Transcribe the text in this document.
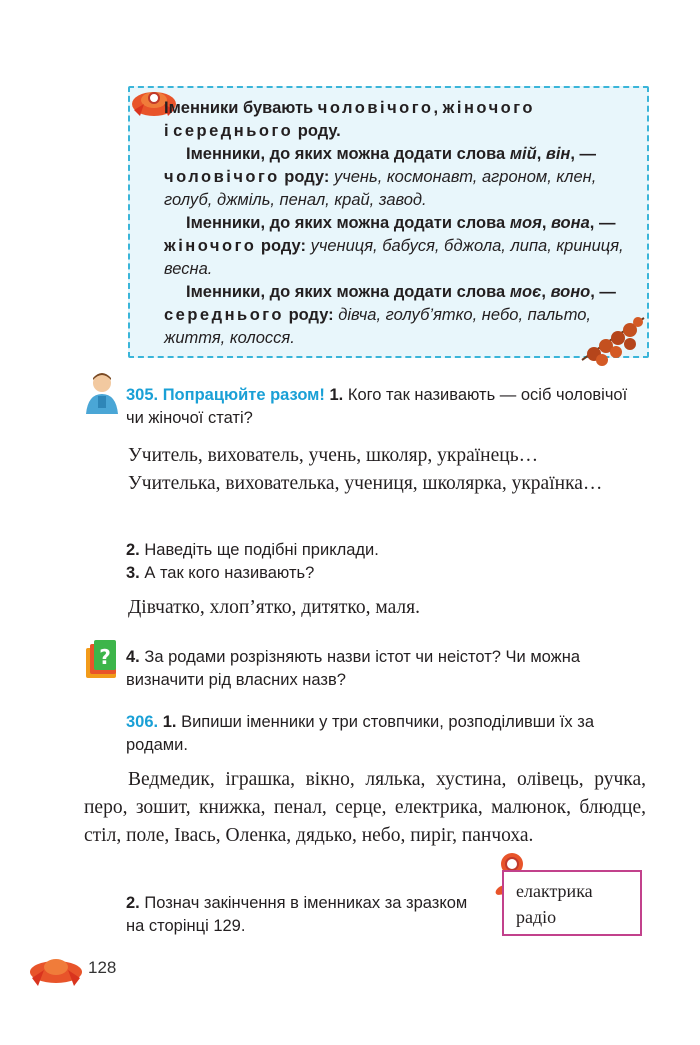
Іменники бувають чоловічого, жіночого

і середнього роду.

Іменники, до яких можна додати слова мій, він, — чоловічого роду: учень, космонавт, агроном, клен, голуб, джміль, пенал, край, завод.

Іменники, до яких можна додати слова моя, вона, — жіночого роду: учениця, бабуся, бджола, липа, криниця, весна.

Іменники, до яких можна додати слова моє, воно, — середнього роду: дівча, голуб’ятко, небо, пальто, життя, колосся.

305. Попрацюйте разом! 1. Кого так називають — осіб чоловічої чи жіночої статі?
Учитель, вихователь, учень, школяр, українець…
Учителька, вихователька, учениця, школярка, українка…
2. Наведіть ще подібні приклади.
3. А так кого називають?
Дівчатко, хлоп’ятко, дитятко, маля.
? 4. За родами розрізняють назви істот чи неістот? Чи можна визначити рід власних назв?
306. 1. Випиши іменники у три стовпчики, розподіливши їх за родами.
Ведмедик, іграшка, вікно, лялька, хустина, олівець, ручка, перо, зошит, книжка, пенал, серце, електрика, малюнок, блюдце, стіл, поле, Івась, Оленка, дядько, небо, пиріг, панчоха.
2. Познач закінчення в іменниках за зразком на сторінці 129.
елaктрика
рaдіо
128
